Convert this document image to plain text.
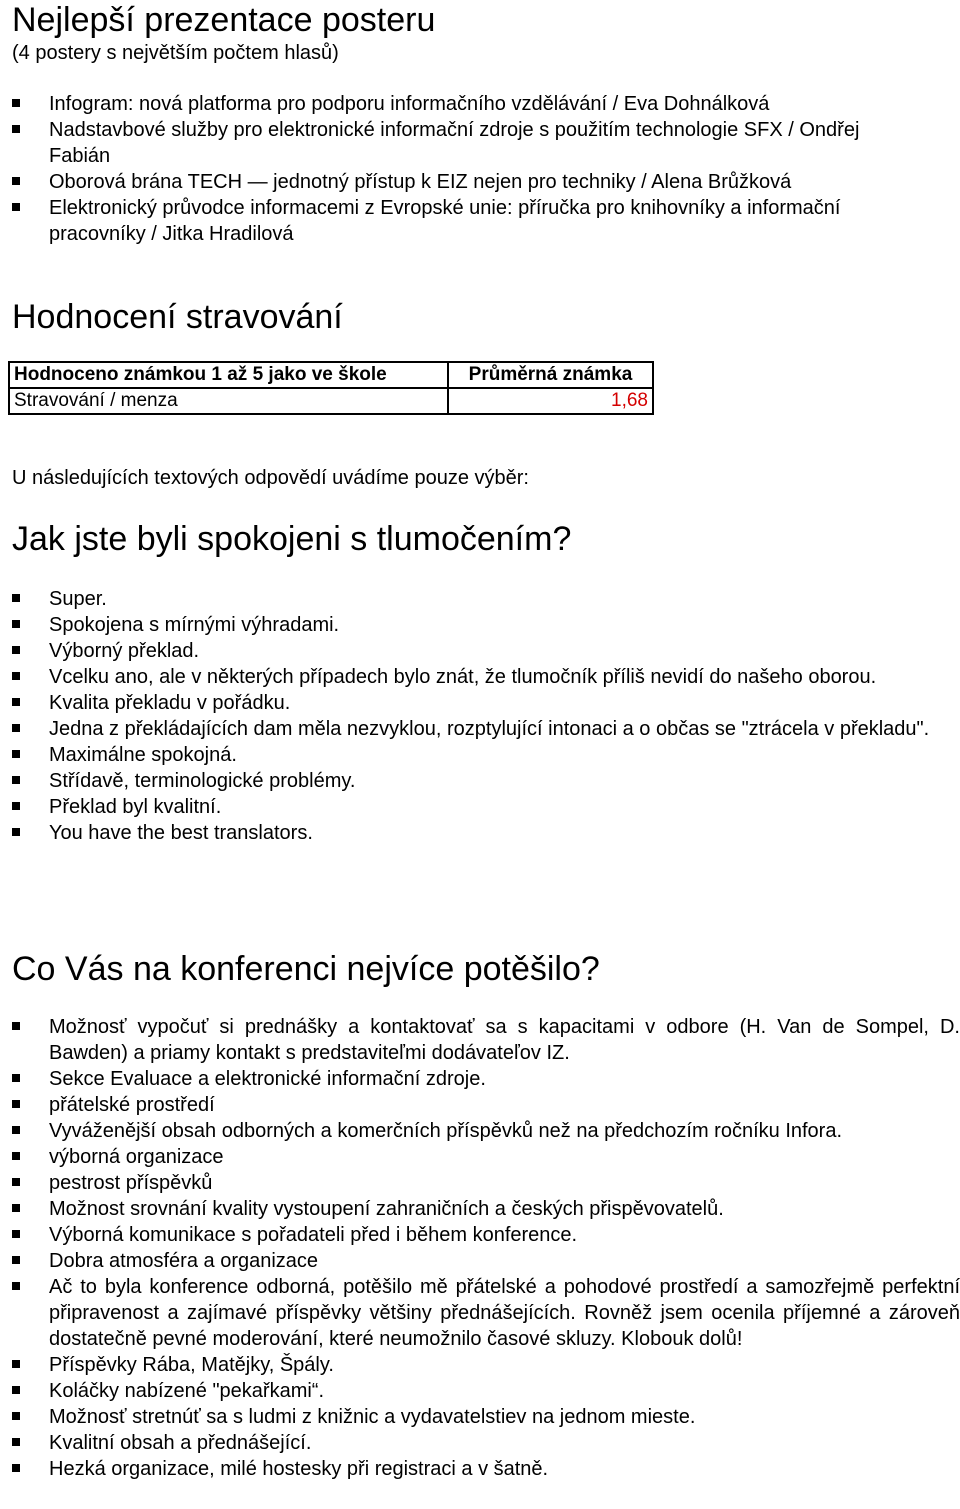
Nejlepší prezentace posteru

(4 postery s největším počtem hlasů)

Infogram: nová platforma pro podporu informačního vzdělávání / Eva Dohnálková
Nadstavbové služby pro elektronické informační zdroje s použitím technologie SFX / Ondřej Fabián
Oborová brána TECH — jednotný přístup k EIZ nejen pro techniky / Alena Brůžková
Elektronický průvodce informacemi z Evropské unie: příručka pro knihovníky a informační pracovníky / Jitka Hradilová
Hodnocení stravování
Hodnoceno známkou 1 až 5 jako ve škole	Průměrná známka
Stravování / menza	1,68

U následujících textových odpovědí uvádíme pouze výběr:

Jak jste byli spokojeni s tlumočením?
Super.
Spokojena s mírnými výhradami.
Výborný překlad.
Vcelku ano, ale v některých případech bylo znát, že tlumočník příliš nevidí do našeho oborou.
Kvalita překladu v pořádku.
Jedna z překládajících dam měla nezvyklou, rozptylující intonaci a o občas se "ztrácela v překladu".
Maximálne spokojná.
Střídavě, terminologické problémy.
Překlad byl kvalitní.
You have the best translators.
Co Vás na konferenci nejvíce potěšilo?
Možnosť vypočuť si prednášky a kontaktovať sa s kapacitami v odbore (H. Van de Sompel, D. Bawden) a priamy kontakt s predstaviteľmi dodávateľov IZ.
Sekce Evaluace a elektronické informační zdroje.
přátelské prostředí
Vyváženější obsah odborných a komerčních příspěvků než na předchozím ročníku Infora.
výborná organizace
pestrost příspěvků
Možnost srovnání kvality vystoupení zahraničních a českých přispěvovatelů.
Výborná komunikace s pořadateli před i během konference.
Dobra atmosféra a organizace
Ač to byla konference odborná, potěšilo mě přátelské a pohodové prostředí a samozřejmě perfektní připravenost a zajímavé příspěvky většiny přednášejících. Rovněž jsem ocenila příjemné a zároveň dostatečně pevné moderování, které neumožnilo časové skluzy. Klobouk dolů!
Příspěvky Rába, Matějky, Špály.
Koláčky nabízené "pekařkami“.
Možnosť stretnúť sa s ludmi z knižnic a vydavatelstiev na jednom mieste.
Kvalitní obsah a přednášející.
Hezká organizace, milé hostesky při registraci a v šatně.
